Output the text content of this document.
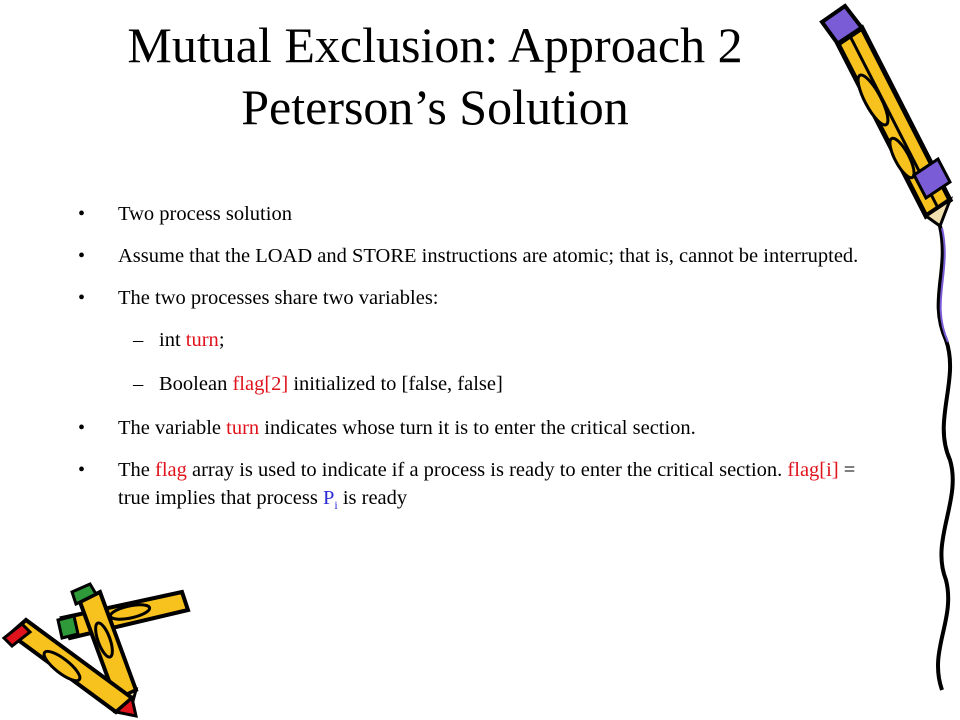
Mutual Exclusion: Approach 2
Peterson’s Solution
• Two process solution
• Assume that the LOAD and STORE instructions are atomic; that is, cannot be interrupted.
• The two processes share two variables:
– int turn;
– Boolean flag[2] initialized to [false, false]
• The variable turn indicates whose turn it is to enter the critical section.
• The flag array is used to indicate if a process is ready to enter the critical section. flag[i] = true implies that process $P_i$ is ready
